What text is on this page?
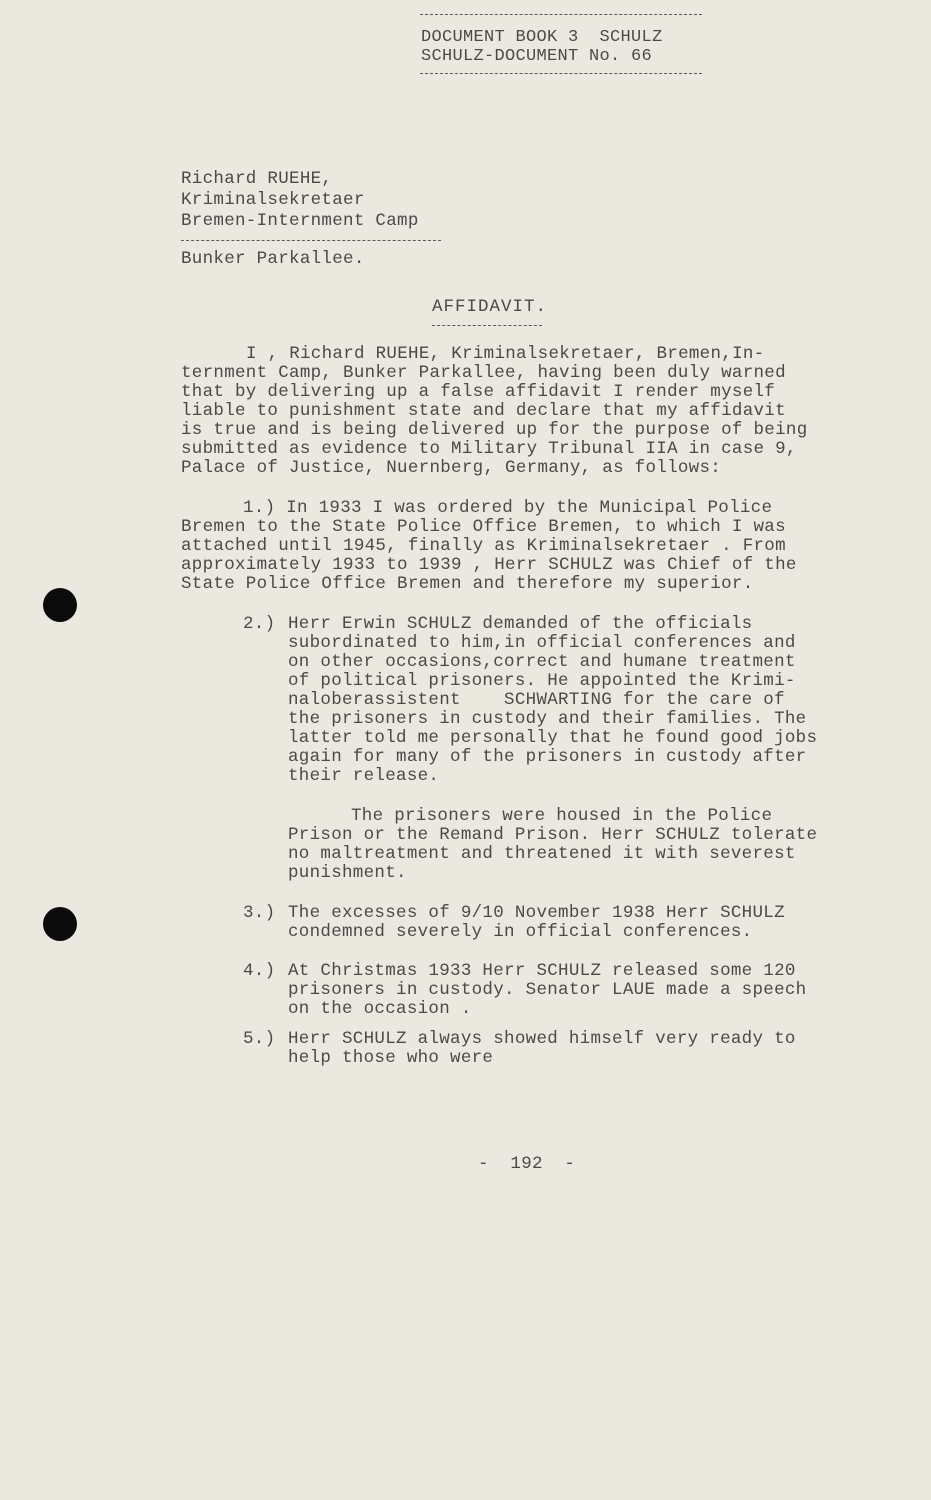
DOCUMENT BOOK 3  SCHULZ
SCHULZ-DOCUMENT No. 66
Richard RUEHE,
Kriminalsekretaer
Bremen-Internment Camp
Bunker Parkallee.
AFFIDAVIT.
I , Richard RUEHE, Kriminalsekretaer, Bremen,In-
ternment Camp, Bunker Parkallee, having been duly warned
that by delivering up a false affidavit I render myself
liable to punishment state and declare that my affidavit
is true and is being delivered up for the purpose of being
submitted as evidence to Military Tribunal IIA in case 9,
Palace of Justice, Nuernberg, Germany, as follows:
1.) In 1933 I was ordered by the Municipal Police
Bremen to the State Police Office Bremen, to which I was
attached until 1945, finally as Kriminalsekretaer . From
approximately 1933 to 1939 , Herr SCHULZ was Chief of the
State Police Office Bremen and therefore my superior.
2.) Herr Erwin SCHULZ demanded of the officials
subordinated to him,in official conferences and
on other occasions,correct and humane treatment
of political prisoners. He appointed the Krimi-
naloberassistent    SCHWARTING for the care of
the prisoners in custody and their families. The
latter told me personally that he found good jobs
again for many of the prisoners in custody after
their release.
The prisoners were housed in the Police
Prison or the Remand Prison. Herr SCHULZ tolerate
no maltreatment and threatened it with severest
punishment.
3.) The excesses of 9/10 November 1938 Herr SCHULZ
condemned severely in official conferences.
4.) At Christmas 1933 Herr SCHULZ released some 120
prisoners in custody. Senator LAUE made a speech
on the occasion .
5.) Herr SCHULZ always showed himself very ready to
help those who were
-  192  -
